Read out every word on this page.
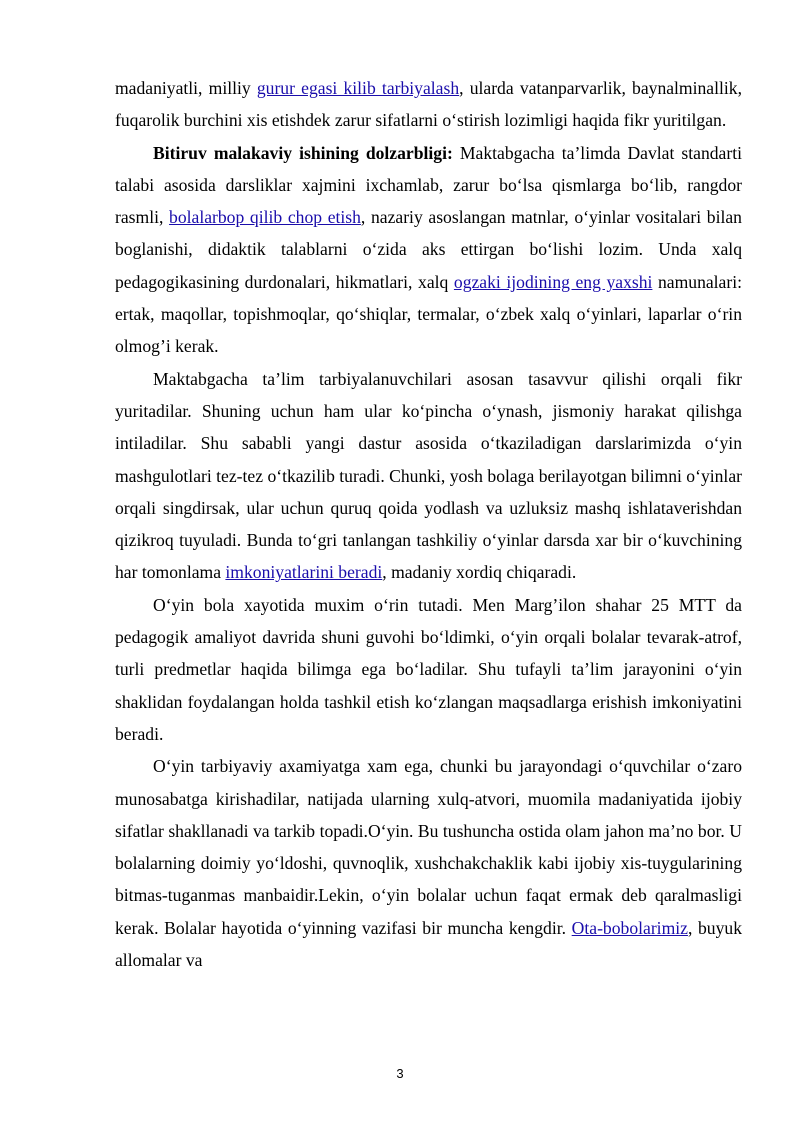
madaniyatli, milliy gurur egasi kilib tarbiyalash, ularda vatanparvarlik, baynalminallik, fuqarolik burchini xis etishdek zarur sifatlarni o‘stirish lozimligi haqida fikr yuritilgan.

Bitiruv malakaviy ishining dolzarbligi: Maktabgacha ta’limda Davlat standarti talabi asosida darsliklar xajmini ixchamlab, zarur bo‘lsa qismlarga bo‘lib, rangdor rasmli, bolalarbop qilib chop etish, nazariy asoslangan matnlar, o‘yinlar vositalari bilan boglanishi, didaktik talablarni o‘zida aks ettirgan bo‘lishi lozim. Unda xalq pedagogikasining durdonalari, hikmatlari, xalq ogzaki ijodining eng yaxshi namunalari: ertak, maqollar, topishmoqlar, qo‘shiqlar, termalar, o‘zbek xalq o‘yinlari, laparlar o‘rin olmog’i kerak.

Maktabgacha ta’lim tarbiyalanuvchilari asosan tasavvur qilishi orqali fikr yuritadilar. Shuning uchun ham ular ko‘pincha o‘ynash, jismoniy harakat qilishga intiladilar. Shu sababli yangi dastur asosida o‘tkaziladigan darslarimizda o‘yin mashgulotlari tez-tez o‘tkazilib turadi. Chunki, yosh bolaga berilayotgan bilimni o‘yinlar orqali singdirsak, ular uchun quruq qoida yodlash va uzluksiz mashq ishlataverishdan qizikroq tuyuladi. Bunda to‘gri tanlangan tashkiliy o‘yinlar darsda xar bir o‘kuvchining har tomonlama imkoniyatlarini beradi, madaniy xordiq chiqaradi.

O‘yin bola xayotida muxim o‘rin tutadi. Men Marg’ilon shahar 25 MTT da pedagogik amaliyot davrida shuni guvohi bo‘ldimki, o‘yin orqali bolalar tevarak-atrof, turli predmetlar haqida bilimga ega bo‘ladilar. Shu tufayli ta’lim jarayonini o‘yin shaklidan foydalangan holda tashkil etish ko‘zlangan maqsadlarga erishish imkoniyatini beradi.

O‘yin tarbiyaviy axamiyatga xam ega, chunki bu jarayondagi o‘quvchilar o‘zaro munosabatga kirishadilar, natijada ularning xulq-atvori, muomila madaniyatida ijobiy sifatlar shakllanadi va tarkib topadi.O‘yin. Bu tushuncha ostida olam jahon ma’no bor. U bolalarning doimiy yo‘ldoshi, quvnoqlik, xushchakchaklik kabi ijobiy xis-tuygularining bitmas-tuganmas manbaidir.Lekin, o‘yin bolalar uchun faqat ermak deb qaralmasligi kerak. Bolalar hayotida o‘yinning vazifasi bir muncha kengdir. Ota-bobolarimiz, buyuk allomalar va

3
